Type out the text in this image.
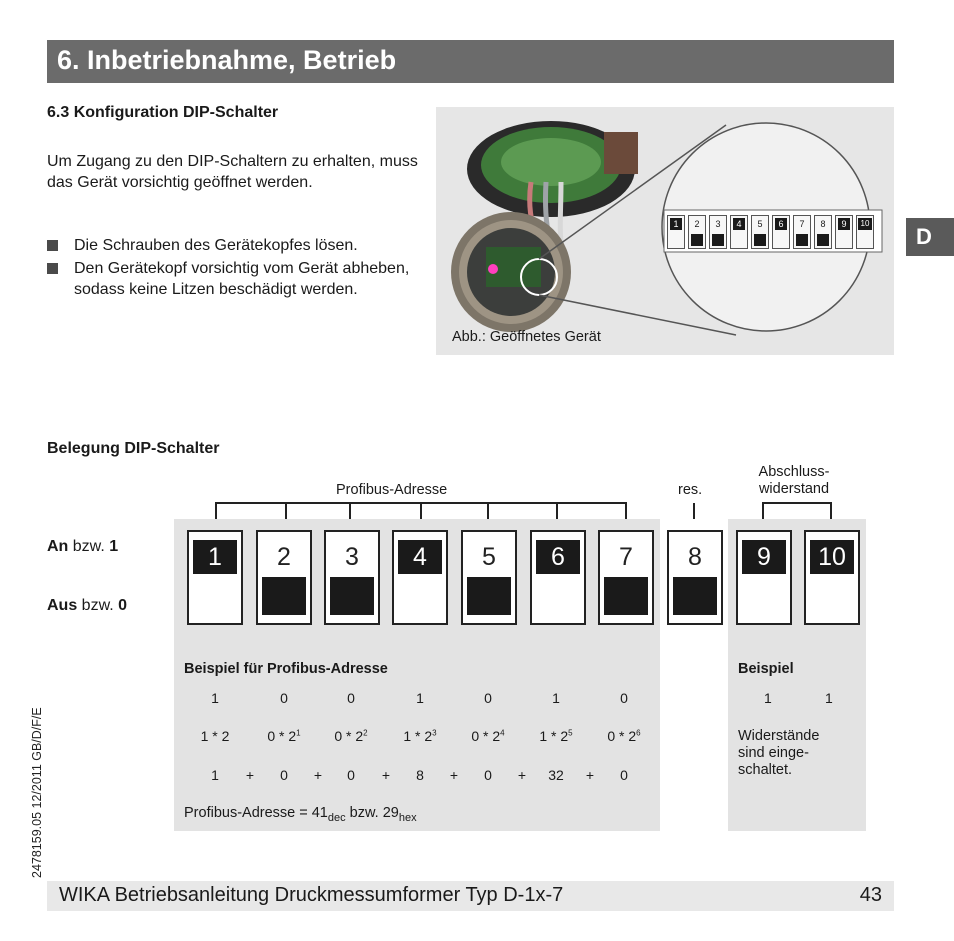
6. Inbetriebnahme, Betrieb
6.3 Konfiguration DIP-Schalter
Um Zugang zu den DIP-Schaltern zu erhalten, muss das Gerät vorsichtig geöffnet werden.
Die Schrauben des Gerätekopfes lösen.
Den Gerätekopf vorsichtig vom Gerät abheben, sodass keine Litzen beschädigt werden.
1	2	3	4	5	6	7	8	9	10
Abb.: Geöffnetes Gerät
D
Belegung DIP-Schalter
Profibus-Adresse	res.
Abschluss-
widerstand
An bzw. 1
Aus bzw. 0
1	2	3	4	5	6	7	8	9	10
Beispiel für Profibus-Adresse
1	0	0	1	0	1	0
1 * 2	$0 * 2^1$	$0 * 2^2$	$1 * 2^3$	$0 * 2^4$	$1 * 2^5$	$0 * 2^6$
1	+	0	+	0	+	8	+	0	+	32	+	0
Profibus-Adresse = $41_{dec}$ bzw. $29_{hex}$
Beispiel
1	1
Widerstände
sind einge-
schaltet.
2478159.05 12/2011 GB/D/F/E
WIKA Betriebsanleitung Druckmessumformer Typ D-1x-7	43
